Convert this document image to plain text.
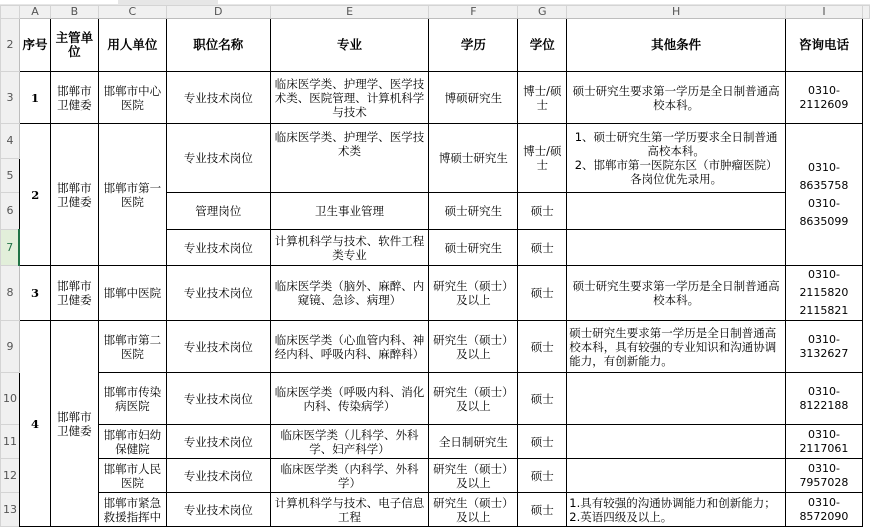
	A	B	C	D	E	F	G	H	I	
2	序号	主管单位	用人单位	职位名称	专业	学历	学位	其他条件	咨询电话	
3	1	邯郸市卫健委	邯郸市中心医院	专业技术岗位	临床医学类、护理学、医学技术类、医院管理、计算机科学与技术	博硕研究生	博士/硕士	硕士研究生要求第一学历是全日制普通高校本科。	0310-2112609	
4	2	邯郸市卫健委	邯郸市第一医院	专业技术岗位	临床医学类、护理学、医学技术类	博硕士研究生	博士/硕士	1、硕士研究生第一学历要求全日制普通高校本科。
2、邯郸市第一医院东区（市肿瘤医院）各岗位优先录用。	0310-8635758 0310-8635099	
5										
6				管理岗位	卫生事业管理	硕士研究生	硕士			
7				专业技术岗位	计算机科学与技术、软件工程类专业	硕士研究生	硕士			
8	3	邯郸市卫健委	邯郸中医院	专业技术岗位	临床医学类（脑外、麻醉、内窥镜、急诊、病理）	研究生（硕士）及以上	硕士	硕士研究生要求第一学历是全日制普通高校本科。	0310-2115820 2115821	
9	4	邯郸市卫健委	邯郸市第二医院	专业技术岗位	临床医学类（心血管内科、神经内科、呼吸内科、麻醉科）	研究生（硕士）及以上	硕士	硕士研究生要求第一学历是全日制普通高校本科，具有较强的专业知识和沟通协调能力，有创新能力。	0310-3132627	
10			邯郸市传染病医院	专业技术岗位	临床医学类（呼吸内科、消化内科、传染病学）	研究生（硕士）及以上	硕士		0310-8122188	
11			邯郸市妇幼保健院	专业技术岗位	临床医学类（儿科学、外科学、妇产科学）	全日制研究生	硕士		0310-2117061	
12			邯郸市人民医院	专业技术岗位	临床医学类（内科学、外科学）	研究生（硕士）及以上	硕士		0310-7957028	
13			邯郸市紧急救援指挥中	专业技术岗位	计算机科学与技术、电子信息工程	研究生（硕士）及以上	硕士	1.具有较强的沟通协调能力和创新能力；2.英语四级及以上。	0310-8572090	
